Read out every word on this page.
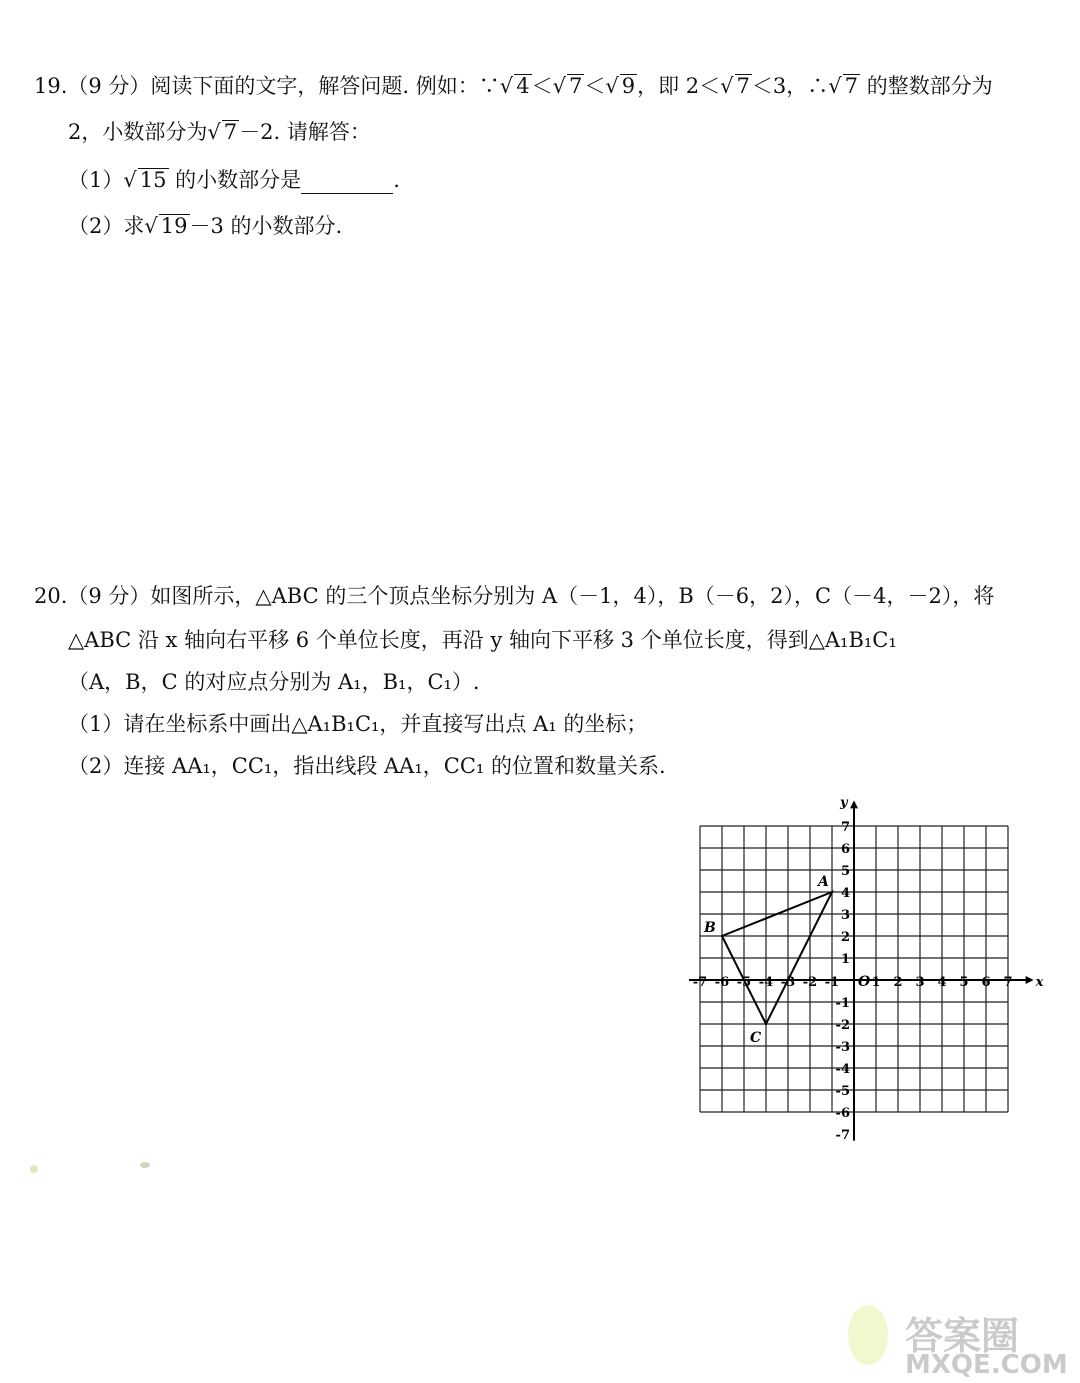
19.（9 分）阅读下面的文字，解答问题. 例如：∵√ 4＜√ 7＜√ 9，即 2＜√ 7＜3，∴√ 7 的整数部分为
2，小数部分为√ 7－2. 请解答：
（1）√ 15 的小数部分是	.
（2）求√ 19－3 的小数部分.
20.（9 分）如图所示，△ABC 的三个顶点坐标分别为 A（－1，4），B（－6，2），C（－4，－2），将
△ABC 沿 x 轴向右平移 6 个单位长度，再沿 y 轴向下平移 3 个单位长度，得到△A₁B₁C₁
（A，B，C 的对应点分别为 A₁，B₁，C₁）.
（1）请在坐标系中画出△A₁B₁C₁，并直接写出点 A₁ 的坐标；
（2）连接 AA₁，CC₁，指出线段 AA₁，CC₁ 的位置和数量关系.
x
y
O
-7 -6 -5 -4 -3 -2 -1 1 2 3 4 5 6 7
7
6
5
4
3
2
1
-1
-2
-3
-4
-5
-6
-7
A
B
C
答案圈
MXQE.COM
